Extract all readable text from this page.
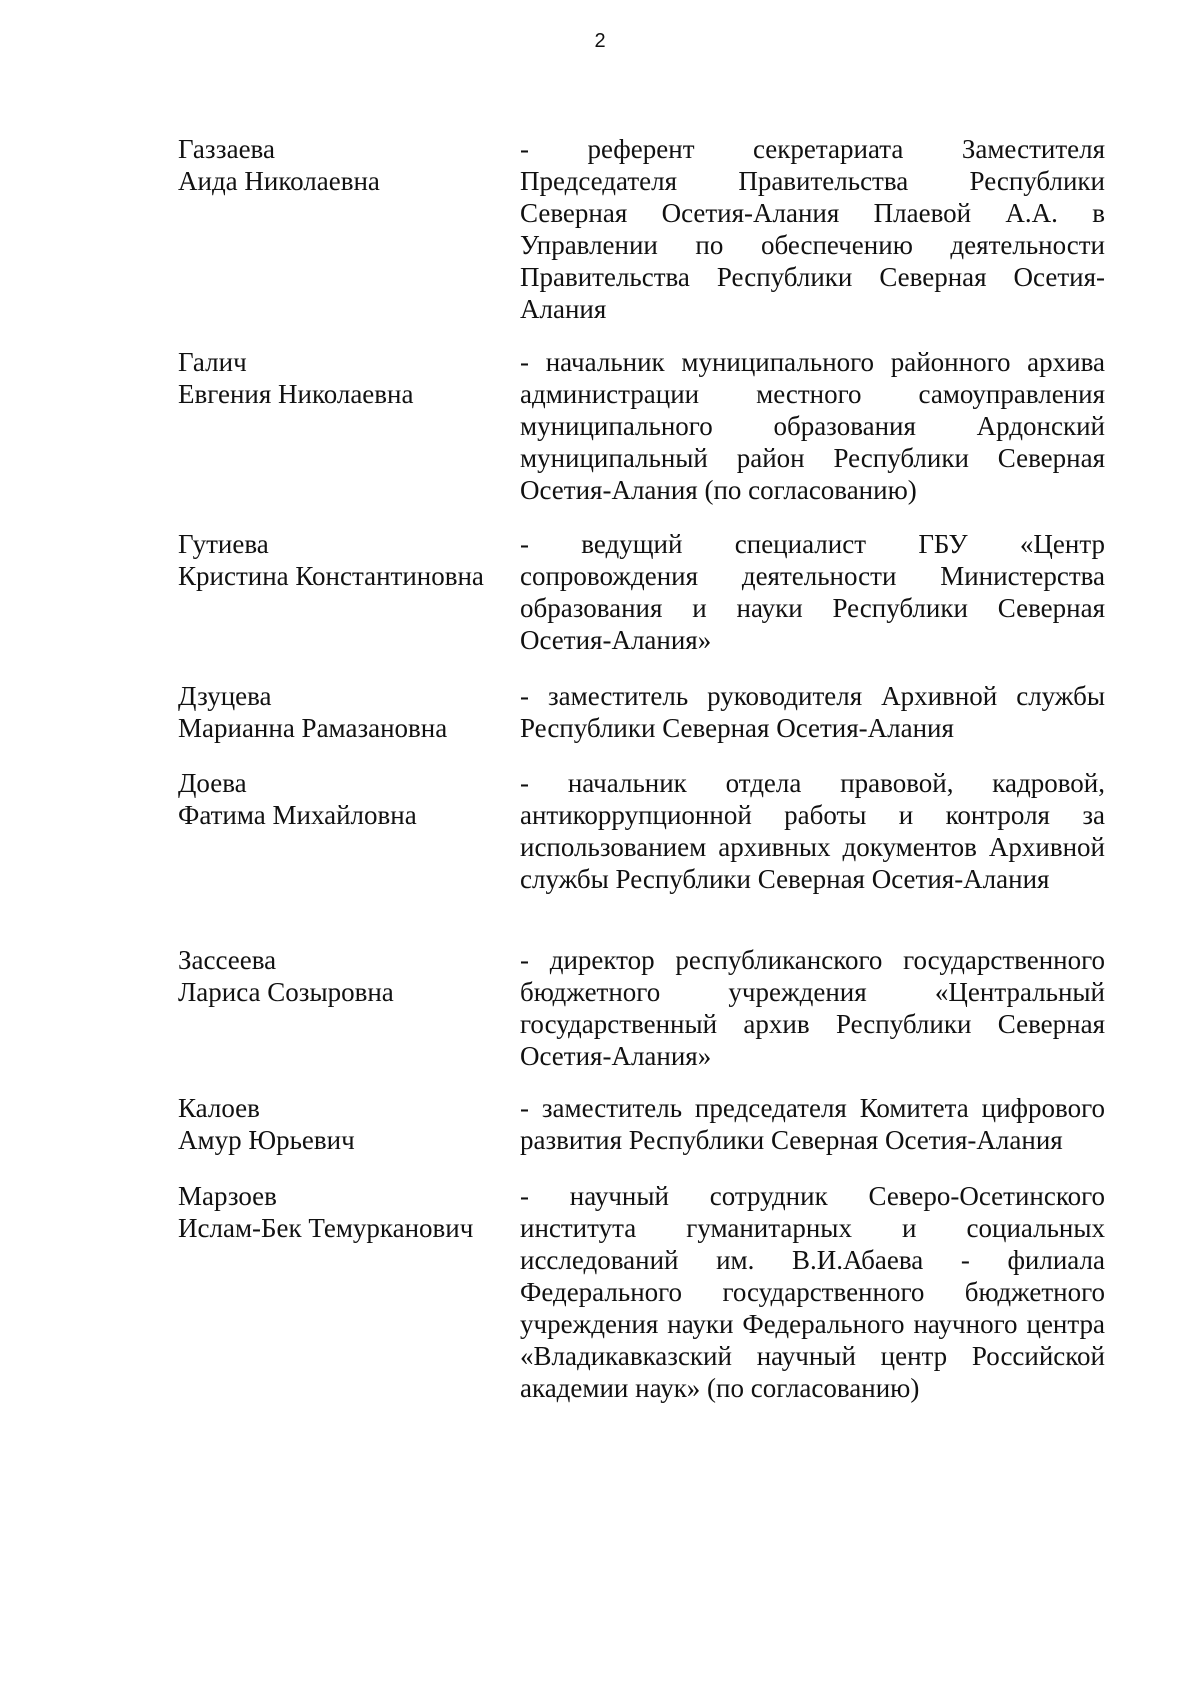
2
Газзаева
Аида Николаевна
- референт секретариата Заместителя Председателя Правительства Республики Северная Осетия-Алания Плаевой А.А. в Управлении по обеспечению деятельности Правительства Республики Северная Осетия-Алания
Галич
Евгения Николаевна
- начальник муниципального районного архива администрации местного самоуправления муниципального образования Ардонский муниципальный район Республики Северная Осетия-Алания (по согласованию)
Гутиева
Кристина Константиновна
- ведущий специалист ГБУ «Центр сопровождения деятельности Министерства образования и науки Республики Северная Осетия-Алания»
Дзуцева
Марианна Рамазановна
- заместитель руководителя Архивной службы Республики Северная Осетия-Алания
Доева
Фатима Михайловна
- начальник отдела правовой, кадровой, антикоррупционной работы и контроля за использованием архивных документов Архивной службы Республики Северная Осетия-Алания
Зассеева
Лариса Созыровна
- директор республиканского государственного бюджетного учреждения «Центральный государственный архив Республики Северная Осетия-Алания»
Калоев
Амур Юрьевич
- заместитель председателя Комитета цифрового развития Республики Северная Осетия-Алания
Марзоев
Ислам-Бек Темурканович
- научный сотрудник Северо-Осетинского института гуманитарных и социальных исследований им. В.И.Абаева - филиала Федерального государственного бюджетного учреждения науки Федерального научного центра «Владикавказский научный центр Российской академии наук» (по согласованию)
